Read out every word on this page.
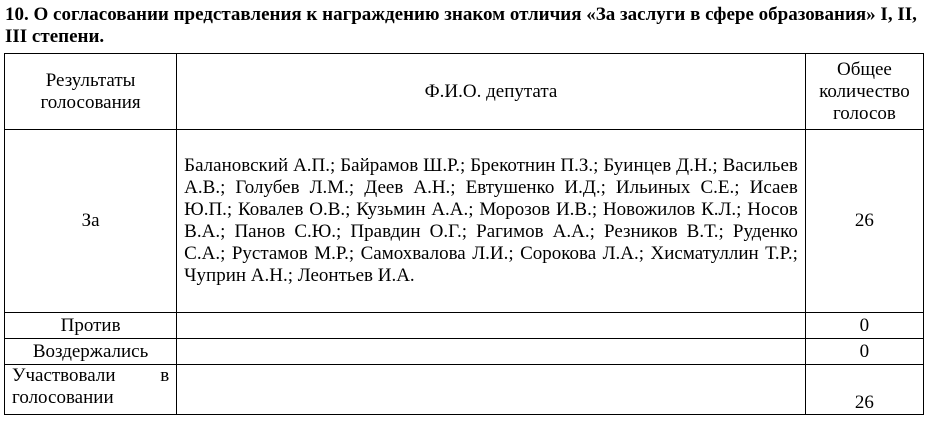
10. О согласовании представления к награждению знаком отличия «За заслуги в сфере образования» I, II, III степени.
Результаты голосования	Ф.И.О. депутата	Общее количество голосов
За	Балановский А.П.; Байрамов Ш.Р.; Брекотнин П.З.; Буинцев Д.Н.; Васильев А.В.; Голубев Л.М.; Деев А.Н.; Евтушенко И.Д.; Ильиных С.Е.; Исаев Ю.П.; Ковалев О.В.; Кузьмин А.А.; Морозов И.В.; Новожилов К.Л.; Носов В.А.; Панов С.Ю.; Правдин О.Г.; Рагимов А.А.; Резников В.Т.; Руденко С.А.; Рустамов М.Р.; Самохвалова Л.И.; Сорокова Л.А.; Хисматуллин Т.Р.; Чуприн А.Н.; Леонтьев И.А.	26
Против		0
Воздержались		0
Участвовали в голосовании		26
